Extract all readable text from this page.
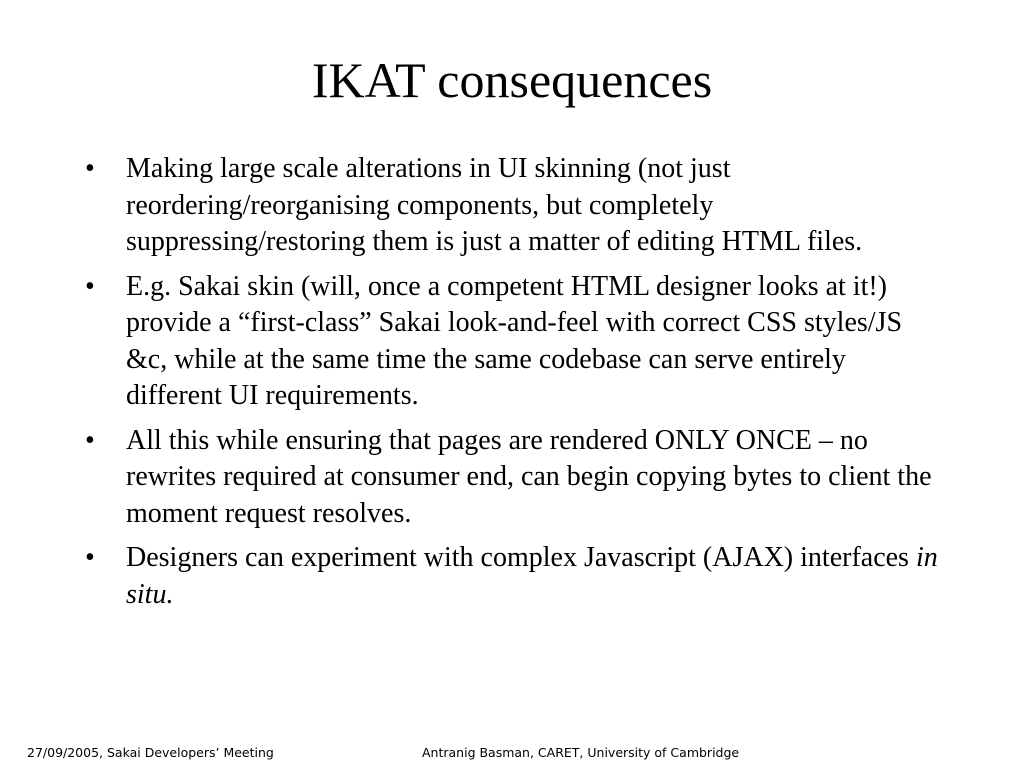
IKAT consequences
• Making large scale alterations in UI skinning (not just reordering/reorganising components, but completely suppressing/restoring them is just a matter of editing HTML files.
• E.g. Sakai skin (will, once a competent HTML designer looks at it!) provide a “first-class” Sakai look-and-feel with correct CSS styles/JS &c, while at the same time the same codebase can serve entirely different UI requirements.
• All this while ensuring that pages are rendered ONLY ONCE – no rewrites required at consumer end, can begin copying bytes to client the moment request resolves.
• Designers can experiment with complex Javascript (AJAX) interfaces in situ.
27/09/2005, Sakai Developers’ Meeting	Antranig Basman, CARET, University of Cambridge
